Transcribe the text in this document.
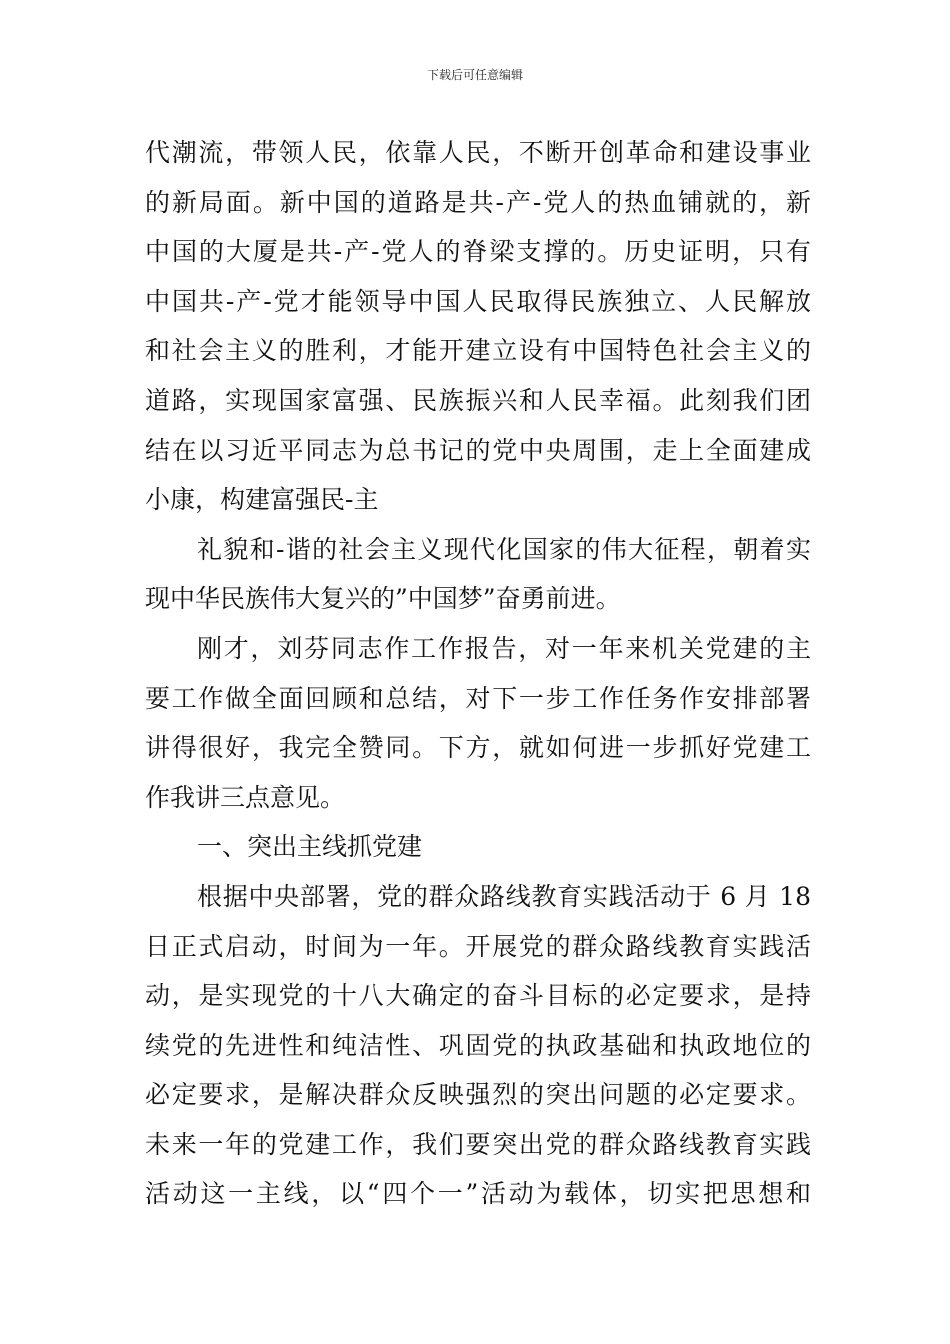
下载后可任意编辑
代潮流，带领人民，依靠人民，不断开创革命和建设事业
的新局面。新中国的道路是共-产-党人的热血铺就的，新
中国的大厦是共-产-党人的脊梁支撑的。历史证明，只有
中国共-产-党才能领导中国人民取得民族独立、人民解放
和社会主义的胜利，才能开建立设有中国特色社会主义的
道路，实现国家富强、民族振兴和人民幸福。此刻我们团
结在以习近平同志为总书记的党中央周围，走上全面建成
小康，构建富强民-主
礼貌和-谐的社会主义现代化国家的伟大征程，朝着实
现中华民族伟大复兴的”中国梦”奋勇前进。
刚才，刘芬同志作工作报告，对一年来机关党建的主
要工作做全面回顾和总结，对下一步工作任务作安排部署
讲得很好，我完全赞同。下方，就如何进一步抓好党建工
作我讲三点意见。
一、突出主线抓党建
根据中央部署，党的群众路线教育实践活动于 6 月 18
日正式启动，时间为一年。开展党的群众路线教育实践活
动，是实现党的十八大确定的奋斗目标的必定要求，是持
续党的先进性和纯洁性、巩固党的执政基础和执政地位的
必定要求，是解决群众反映强烈的突出问题的必定要求。
未来一年的党建工作，我们要突出党的群众路线教育实践
活动这一主线，以“四个一”活动为载体，切实把思想和
